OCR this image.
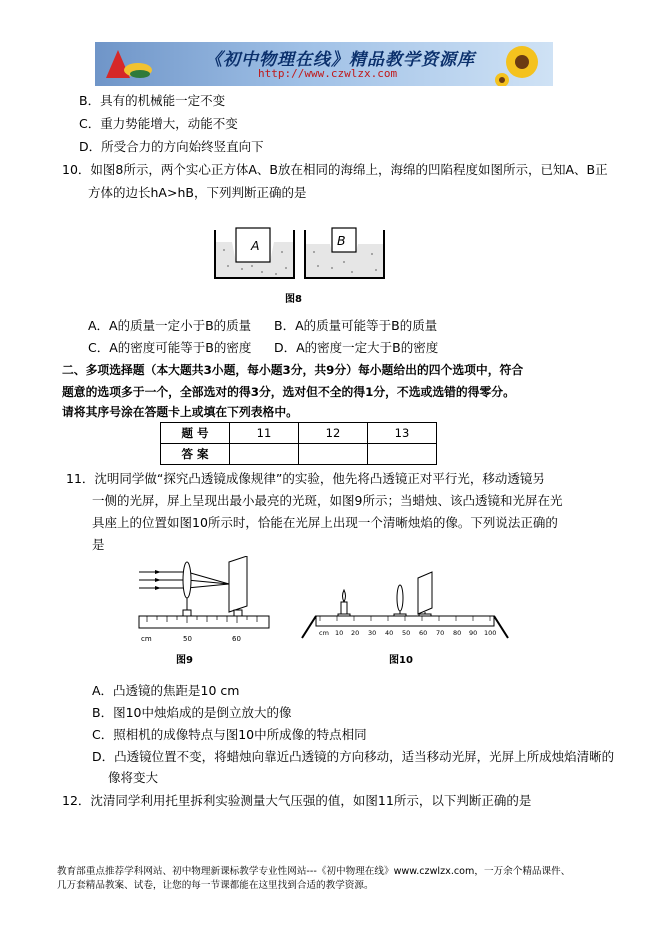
《初中物理在线》精品教学资源库
http://www.czwlzx.com
B．具有的机械能一定不变
C．重力势能增大，动能不变
D．所受合力的方向始终竖直向下
10．如图8所示，两个实心正方体A、B放在相同的海绵上，海绵的凹陷程度如图所示，已知A、B正
方体的边长hA>hB，下列判断正确的是
A	B
图8
A．A的质量一定小于B的质量 B．A的质量可能等于B的质量
C．A的密度可能等于B的密度 D．A的密度一定大于B的密度
二、多项选择题（本大题共3小题，每小题3分，共9分）每小题给出的四个选项中，符合
题意的选项多于一个，全部选对的得3分，选对但不全的得1分，不选或选错的得零分。
请将其序号涂在答题卡上或填在下列表格中。
题 号	11	12	13
答 案			
11．沈明同学做“探究凸透镜成像规律”的实验，他先将凸透镜正对平行光，移动透镜另
一侧的光屏，屏上呈现出最小最亮的光斑，如图9所示；当蜡烛、该凸透镜和光屏在光
具座上的位置如图10所示时，恰能在光屏上出现一个清晰烛焰的像。下列说法正确的
是
cm	50	60
图9
cm 10 20 30 40 50 60 70 80 90 100
图10
A．凸透镜的焦距是10 cm
B．图10中烛焰成的是倒立放大的像
C．照相机的成像特点与图10中所成像的特点相同
D．凸透镜位置不变，将蜡烛向靠近凸透镜的方向移动，适当移动光屏，光屏上所成烛焰清晰的
像将变大
12．沈清同学利用托里拆利实验测量大气压强的值，如图11所示，以下判断正确的是
教育部重点推荐学科网站、初中物理新课标教学专业性网站---《初中物理在线》www.czwlzx.com，一万余个精品课件、
几万套精品教案、试卷，让您的每一节课都能在这里找到合适的教学资源。
